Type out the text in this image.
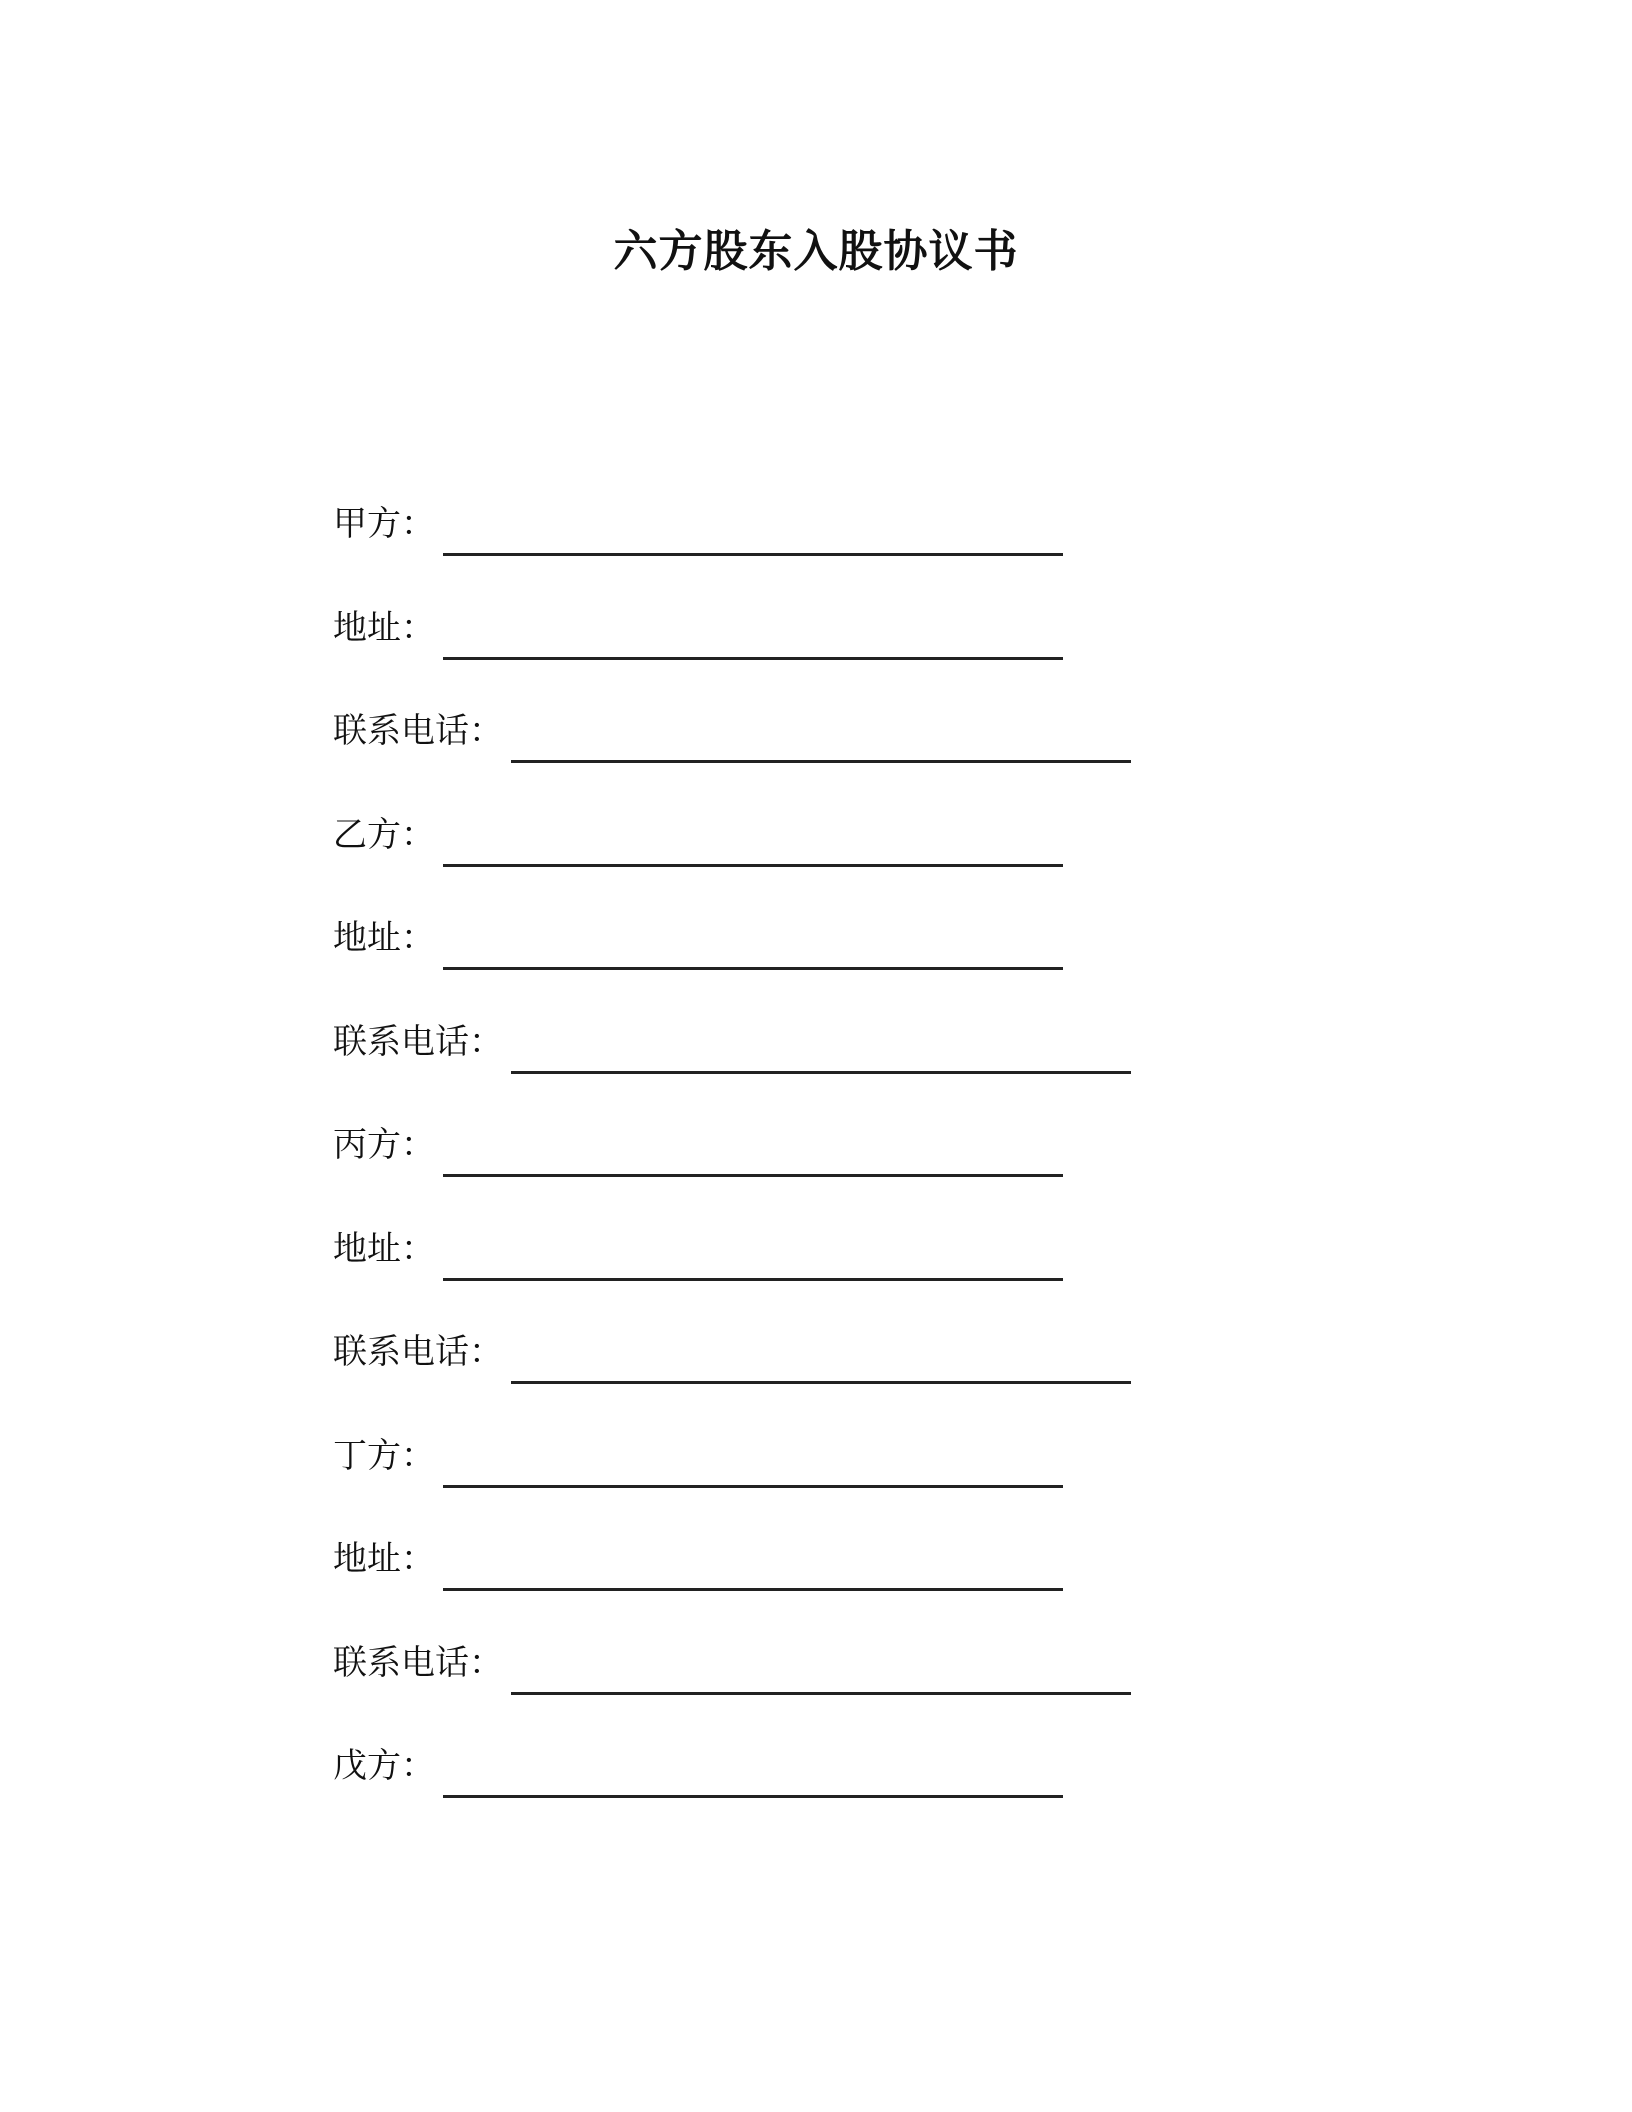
六方股东入股协议书
甲方：
地址：
联系电话：
乙方：
地址：
联系电话：
丙方：
地址：
联系电话：
丁方：
地址：
联系电话：
戊方：
